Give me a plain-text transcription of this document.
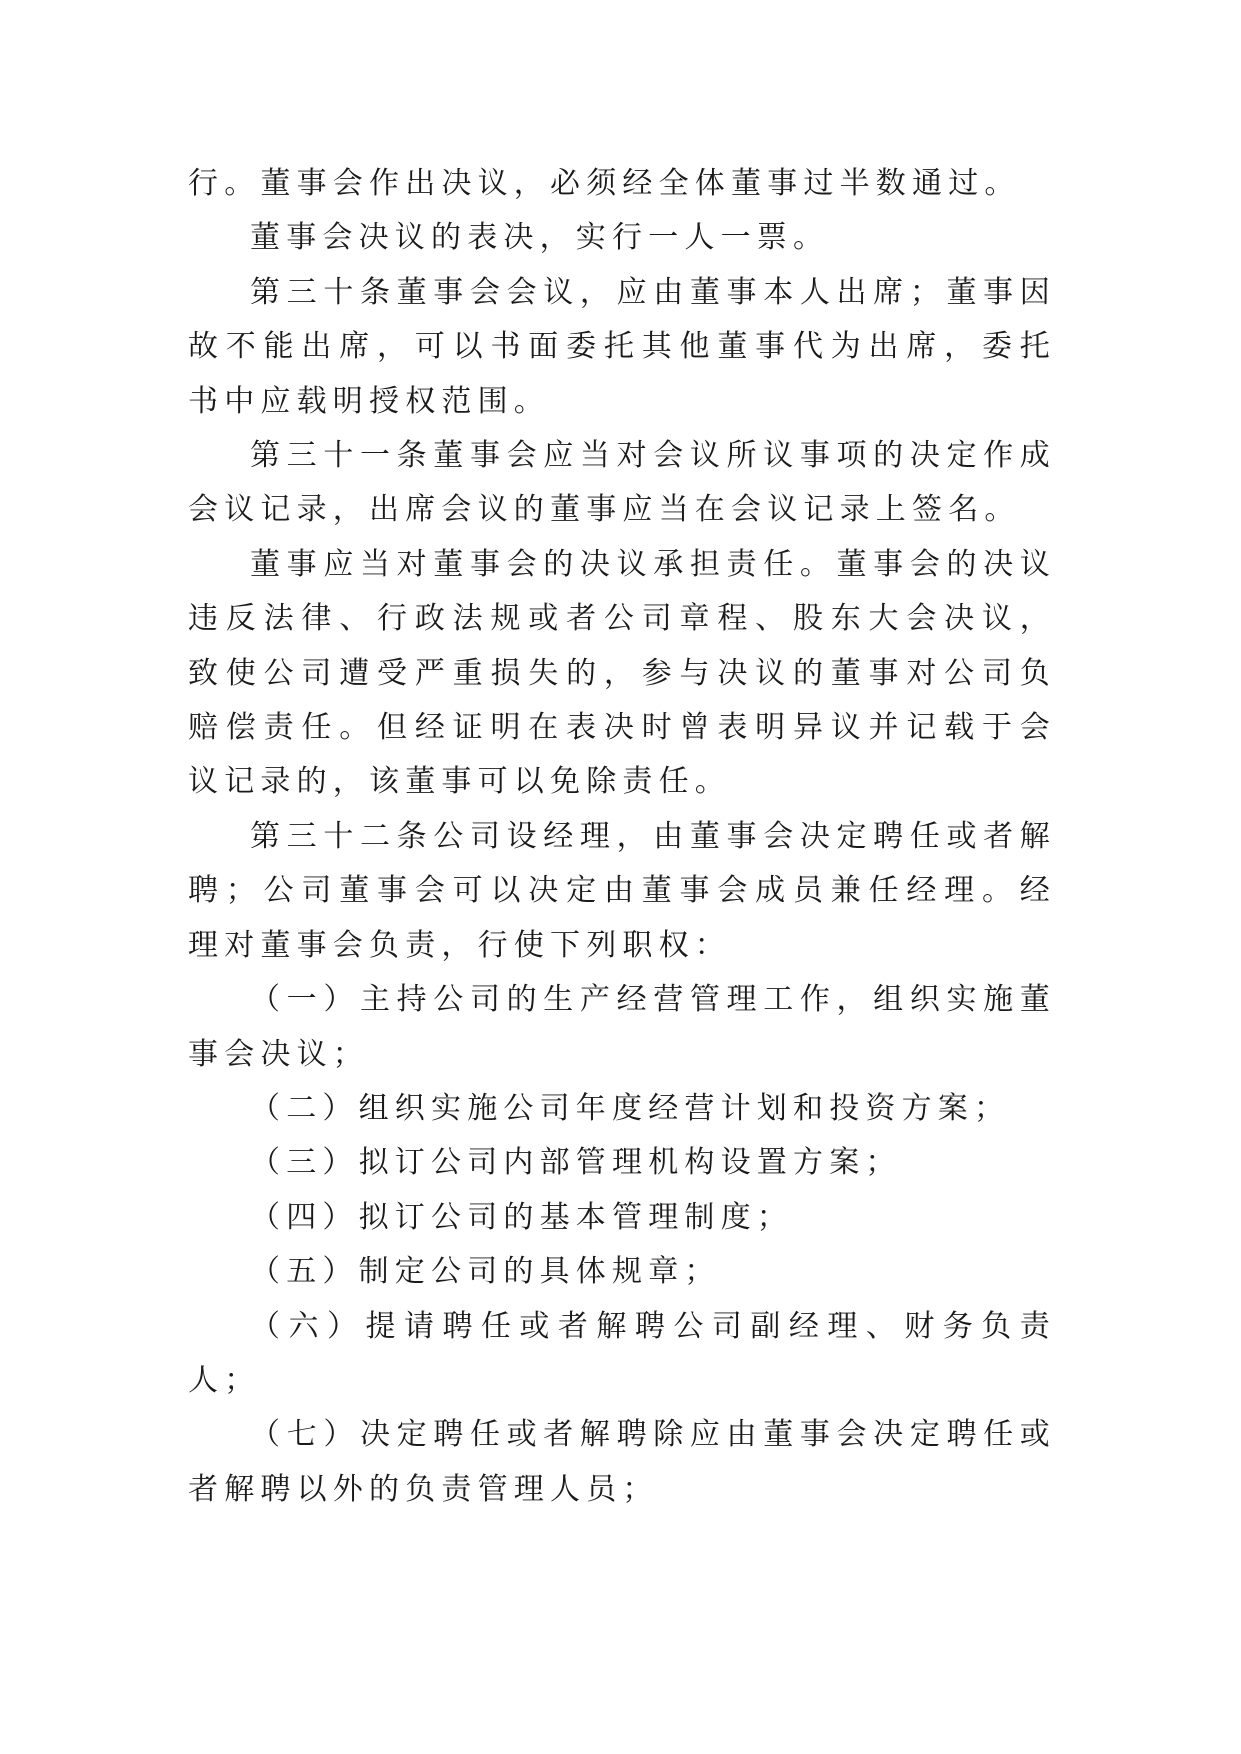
行。董事会作出决议，必须经全体董事过半数通过。

董事会决议的表决，实行一人一票。

第三十条董事会会议，应由董事本人出席；董事因故不能出席，可以书面委托其他董事代为出席，委托书中应载明授权范围。

第三十一条董事会应当对会议所议事项的决定作成会议记录，出席会议的董事应当在会议记录上签名。

董事应当对董事会的决议承担责任。董事会的决议违反法律、行政法规或者公司章程、股东大会决议，致使公司遭受严重损失的，参与决议的董事对公司负赔偿责任。但经证明在表决时曾表明异议并记载于会议记录的，该董事可以免除责任。

第三十二条公司设经理，由董事会决定聘任或者解聘；公司董事会可以决定由董事会成员兼任经理。经理对董事会负责，行使下列职权：

（一）主持公司的生产经营管理工作，组织实施董事会决议；

（二）组织实施公司年度经营计划和投资方案；

（三）拟订公司内部管理机构设置方案；

（四）拟订公司的基本管理制度；

（五）制定公司的具体规章；

（六）提请聘任或者解聘公司副经理、财务负责人；

（七）决定聘任或者解聘除应由董事会决定聘任或者解聘以外的负责管理人员；
